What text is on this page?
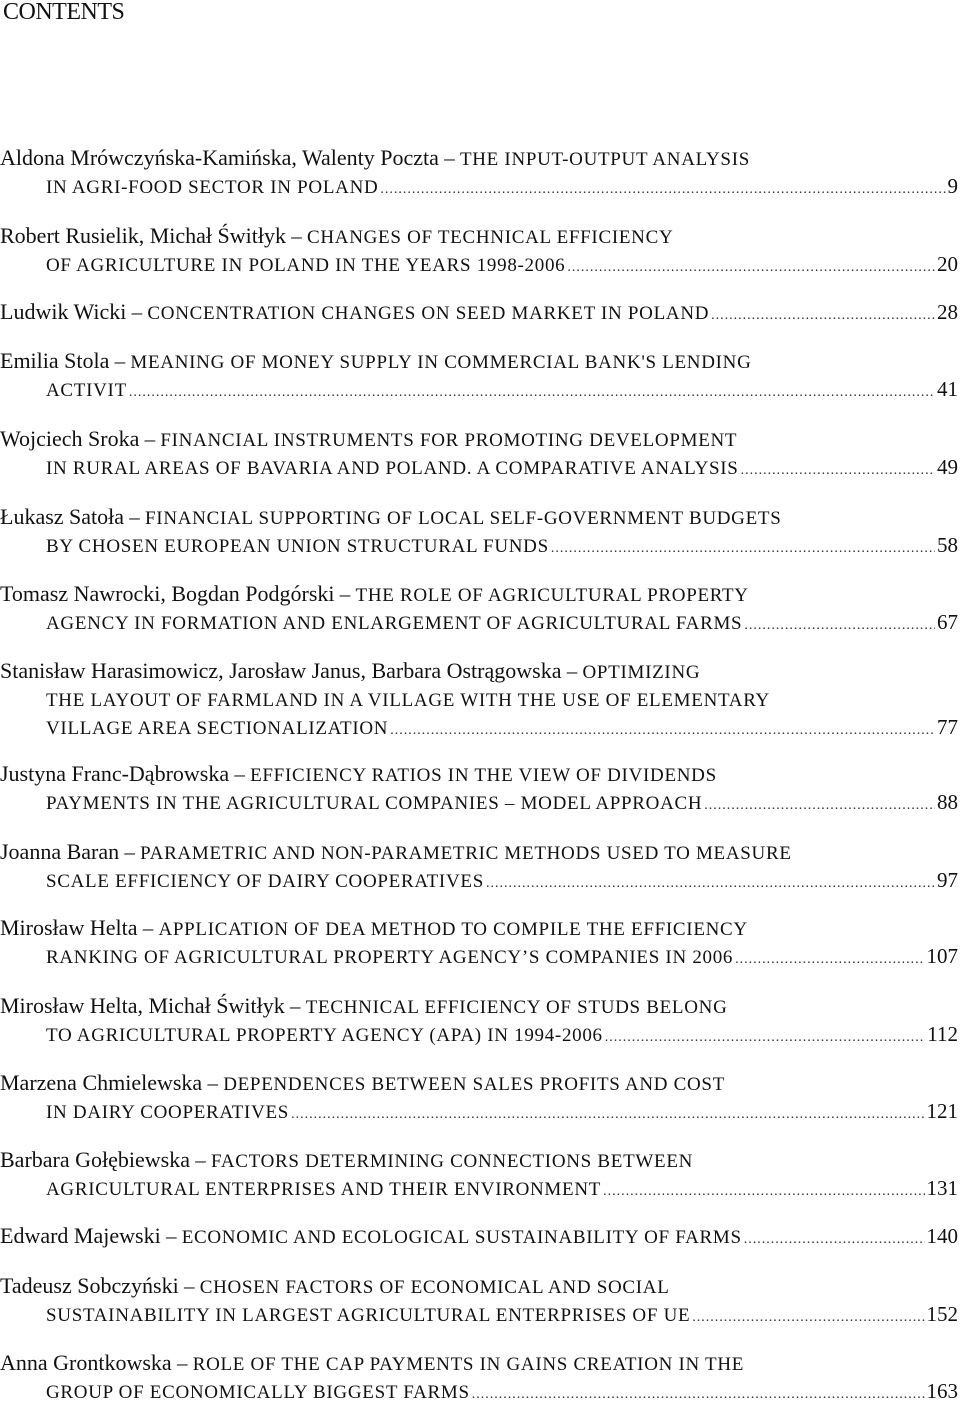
CONTENTS
Aldona Mrówczyńska-Kamińska, Walenty Poczta – THE INPUT-OUTPUT ANALYSIS
IN AGRI-FOOD SECTOR IN POLAND .....	9
Robert Rusielik, Michał Świtłyk – CHANGES OF TECHNICAL EFFICIENCY
OF AGRICULTURE IN POLAND IN THE YEARS 1998-2006 .....	20
Ludwik Wicki – CONCENTRATION CHANGES ON SEED MARKET IN POLAND .....	28
Emilia Stola – MEANING OF MONEY SUPPLY IN COMMERCIAL BANK'S LENDING
ACTIVIT .....	41
Wojciech Sroka – FINANCIAL INSTRUMENTS FOR PROMOTING DEVELOPMENT
IN RURAL AREAS OF BAVARIA AND POLAND. A COMPARATIVE ANALYSIS .....	49
Łukasz Satoła – FINANCIAL SUPPORTING OF LOCAL SELF-GOVERNMENT BUDGETS
BY CHOSEN EUROPEAN UNION STRUCTURAL FUNDS .....	58
Tomasz Nawrocki, Bogdan Podgórski – THE ROLE OF AGRICULTURAL PROPERTY
AGENCY IN FORMATION AND ENLARGEMENT OF AGRICULTURAL FARMS .....	67
Stanisław Harasimowicz, Jarosław Janus, Barbara Ostrągowska – OPTIMIZING
THE LAYOUT OF FARMLAND IN A VILLAGE WITH THE USE OF ELEMENTARY
VILLAGE AREA SECTIONALIZATION .....	77
Justyna Franc-Dąbrowska – EFFICIENCY RATIOS IN THE VIEW OF DIVIDENDS
PAYMENTS IN THE AGRICULTURAL COMPANIES – MODEL APPROACH .....	88
Joanna Baran – PARAMETRIC AND NON-PARAMETRIC METHODS USED TO MEASURE
SCALE EFFICIENCY OF DAIRY COOPERATIVES .....	97
Mirosław Helta – APPLICATION OF DEA METHOD TO COMPILE THE EFFICIENCY
RANKING OF AGRICULTURAL PROPERTY AGENCY’S COMPANIES IN 2006 .....	107
Mirosław Helta, Michał Świtłyk – TECHNICAL EFFICIENCY OF STUDS BELONG
TO AGRICULTURAL PROPERTY AGENCY (APA) IN 1994-2006 .....	112
Marzena Chmielewska – DEPENDENCES BETWEEN SALES PROFITS AND COST
IN DAIRY COOPERATIVES .....	121
Barbara Gołębiewska – FACTORS DETERMINING CONNECTIONS BETWEEN
AGRICULTURAL ENTERPRISES AND THEIR ENVIRONMENT .....	131
Edward Majewski – ECONOMIC AND ECOLOGICAL SUSTAINABILITY OF FARMS .....	140
Tadeusz Sobczyński – CHOSEN FACTORS OF ECONOMICAL AND SOCIAL
SUSTAINABILITY IN LARGEST AGRICULTURAL ENTERPRISES OF UE .....	152
Anna Grontkowska – ROLE OF THE CAP PAYMENTS IN GAINS CREATION IN THE
GROUP OF ECONOMICALLY BIGGEST FARMS .....	163
